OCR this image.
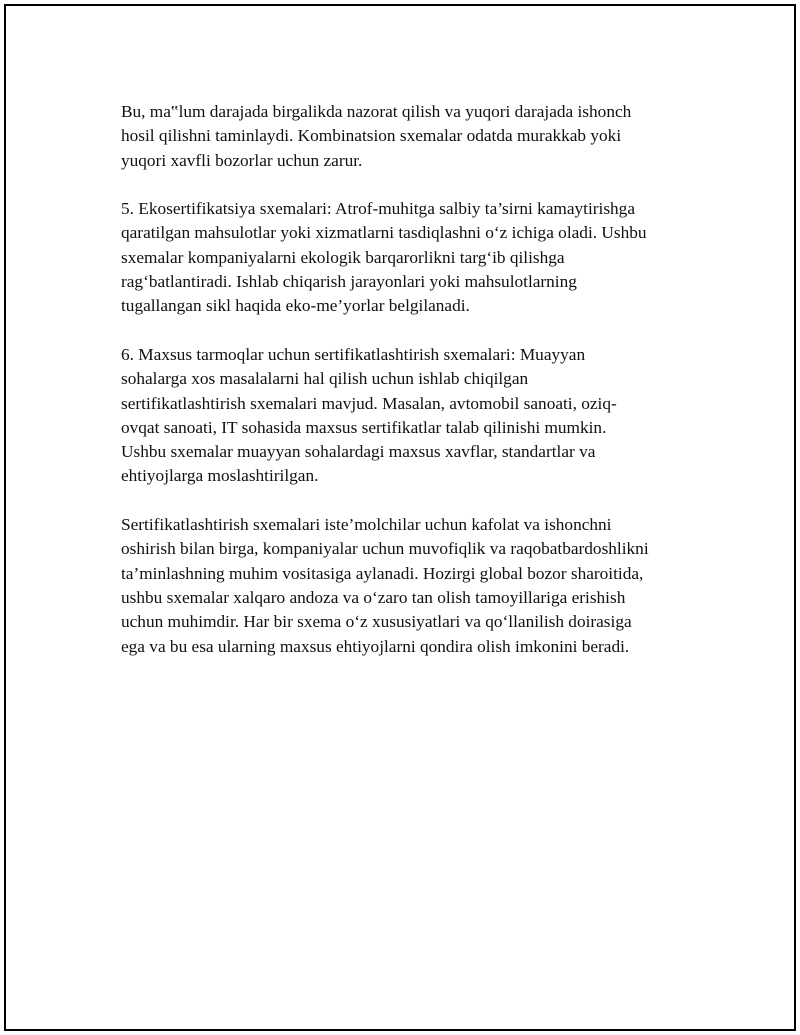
Bu, ma‟lum darajada birgalikda nazorat qilish va yuqori darajada ishonch
hosil qilishni taminlaydi. Kombinatsion sxemalar odatda murakkab yoki
yuqori xavfli bozorlar uchun zarur.

5. Ekosertifikatsiya sxemalari: Atrof-muhitga salbiy ta’sirni kamaytirishga
qaratilgan mahsulotlar yoki xizmatlarni tasdiqlashni o‘z ichiga oladi. Ushbu
sxemalar kompaniyalarni ekologik barqarorlikni targ‘ib qilishga
rag‘batlantiradi. Ishlab chiqarish jarayonlari yoki mahsulotlarning
tugallangan sikl haqida eko-me’yorlar belgilanadi.

6. Maxsus tarmoqlar uchun sertifikatlashtirish sxemalari: Muayyan
sohalarga xos masalalarni hal qilish uchun ishlab chiqilgan
sertifikatlashtirish sxemalari mavjud. Masalan, avtomobil sanoati, oziq-
ovqat sanoati, IT sohasida maxsus sertifikatlar talab qilinishi mumkin.
Ushbu sxemalar muayyan sohalardagi maxsus xavflar, standartlar va
ehtiyojlarga moslashtirilgan.

Sertifikatlashtirish sxemalari iste’molchilar uchun kafolat va ishonchni
oshirish bilan birga, kompaniyalar uchun muvofiqlik va raqobatbardoshlikni
ta’minlashning muhim vositasiga aylanadi. Hozirgi global bozor sharoitida,
ushbu sxemalar xalqaro andoza va o‘zaro tan olish tamoyillariga erishish
uchun muhimdir. Har bir sxema o‘z xususiyatlari va qo‘llanilish doirasiga
ega va bu esa ularning maxsus ehtiyojlarni qondira olish imkonini beradi.
